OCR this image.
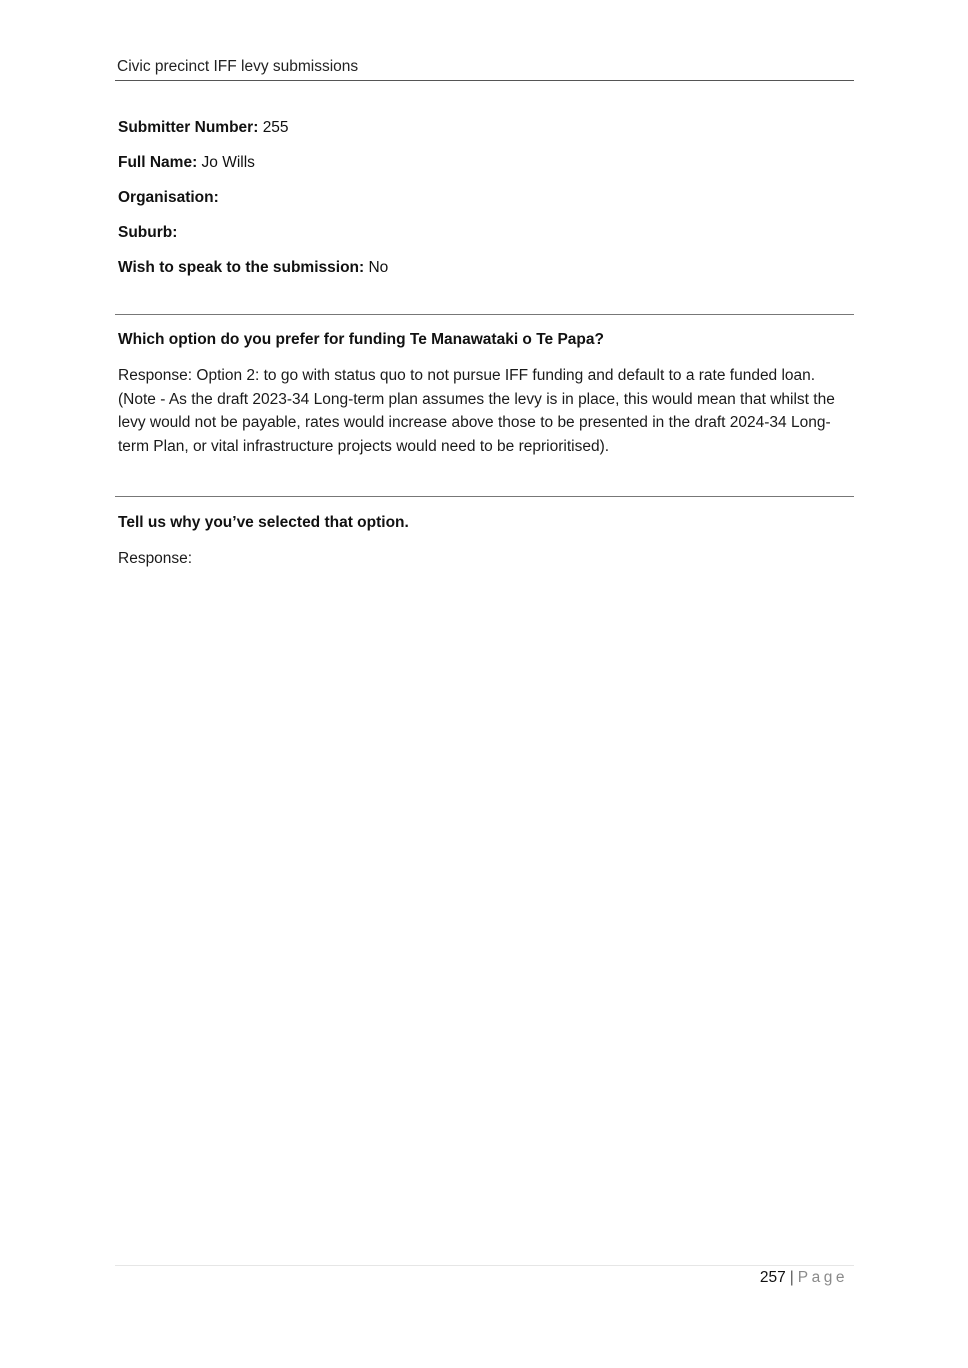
Civic precinct IFF levy submissions
Submitter Number: 255
Full Name: Jo Wills
Organisation:
Suburb:
Wish to speak to the submission: No
Which option do you prefer for funding Te Manawataki o Te Papa?
Response: Option 2: to go with status quo to not pursue IFF funding and default to a rate funded loan. (Note - As the draft 2023-34 Long-term plan assumes the levy is in place, this would mean that whilst the levy would not be payable, rates would increase above those to be presented in the draft 2024-34 Long-term Plan, or vital infrastructure projects would need to be reprioritised).
Tell us why you’ve selected that option.
Response:
257 | Page
